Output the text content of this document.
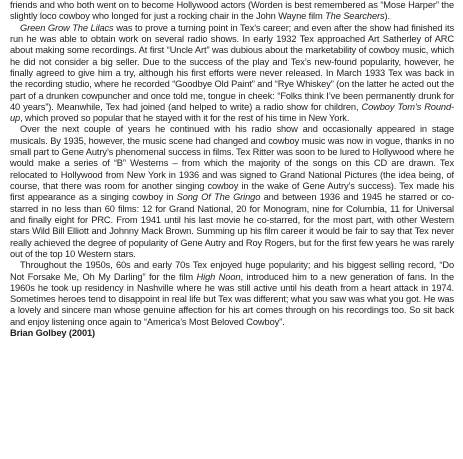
friends and who both went on to become Hollywood actors (Worden is best remembered as “Mose Harper” the slightly loco cowboy who longed for just a rocking chair in the John Wayne film The Searchers).

Green Grow The Lilacs was to prove a turning point in Tex’s career; and even after the show had finished its run he was able to obtain work on several radio shows. In early 1932 Tex approached Art Satherley of ARC about making some recordings. At first “Uncle Art” was dubious about the marketability of cowboy music, which he did not consider a big seller. Due to the success of the play and Tex’s new-found popularity, however, he finally agreed to give him a try, although his first efforts were never released. In March 1933 Tex was back in the recording studio, where he recorded “Goodbye Old Paint” and “Rye Whiskey” (on the latter he acted out the part of a drunken cowpuncher and once told me, tongue in cheek: “Folks think I’ve been permanently drunk for 40 years”). Meanwhile, Tex had joined (and helped to write) a radio show for children, Cowboy Tom’s Round-up, which proved so popular that he stayed with it for the rest of his time in New York.

Over the next couple of years he continued with his radio show and occasionally appeared in stage musicals. By 1935, however, the music scene had changed and cowboy music was now in vogue, thanks in no small part to Gene Autry’s phenomenal success in films. Tex Ritter was soon to be lured to Hollywood where he would make a series of “B” Westerns – from which the majority of the songs on this CD are drawn. Tex relocated to Hollywood from New York in 1936 and was signed to Grand National Pictures (the idea being, of course, that there was room for another singing cowboy in the wake of Gene Autry’s success). Tex made his first appearance as a singing cowboy in Song Of The Gringo and between 1936 and 1945 he starred or co-starred in no less than 60 films: 12 for Grand National, 20 for Monogram, nine for Columbia, 11 for Universal and finally eight for PRC. From 1941 until his last movie he co-starred, for the most part, with other Western stars Wild Bill Elliott and Johnny Mack Brown. Summing up his film career it would be fair to say that Tex never really achieved the degree of popularity of Gene Autry and Roy Rogers, but for the first few years he was rarely out of the top 10 Western stars.

Throughout the 1950s, 60s and early 70s Tex enjoyed huge popularity; and his biggest selling record, “Do Not Forsake Me, Oh My Darling” for the film High Noon, introduced him to a new generation of fans. In the 1960s he took up residency in Nashville where he was still active until his death from a heart attack in 1974. Sometimes heroes tend to disappoint in real life but Tex was different; what you saw was what you got. He was a lovely and sincere man whose genuine affection for his art comes through on his recordings too. So sit back and enjoy listening once again to “America’s Most Beloved Cowboy”.

Brian Golbey (2001)
